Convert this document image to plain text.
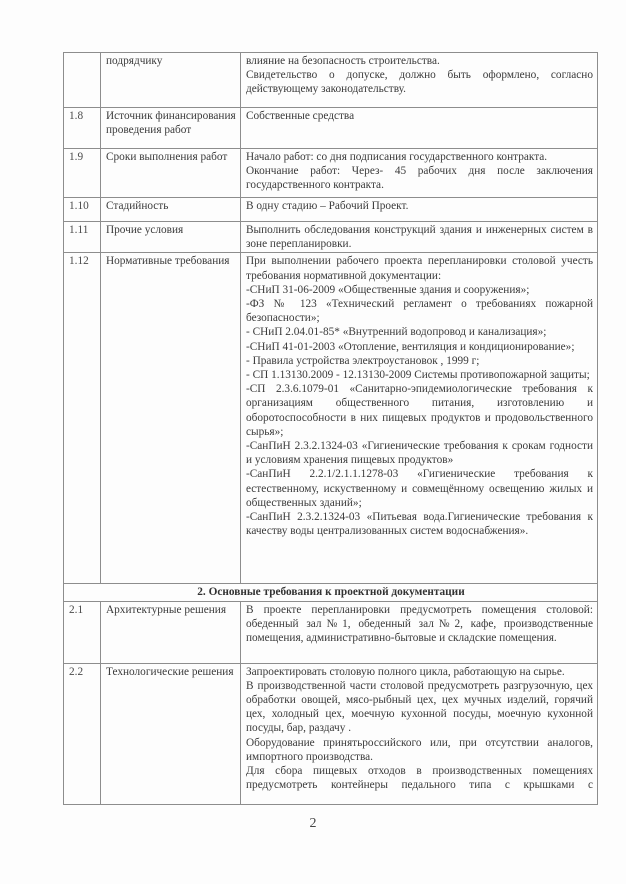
	подрядчику	влияние на безопасность строительства.

Свидетельство о допуске, должно быть оформлено, согласно действующему законодательству.

1.8	Источник финансирования проведения работ	Собственные средства

1.9	Сроки выполнения работ	Начало работ: со дня подписания государственного контракта.

Окончание работ: Через- 45 рабочих дня после заключения государственного контракта.

1.10	Стадийность	В одну стадию – Рабочий Проект.

1.11	Прочие условия	Выполнить обследования конструкций здания и инженерных систем в зоне перепланировки.

1.12	Нормативные требования	При выполнении рабочего проекта перепланировки столовой учесть требования нормативной документации:

-СНиП 31-06-2009 «Общественные здания и сооружения»;

-ФЗ № 123 «Технический регламент о требованиях пожарной безопасности»;

- СНиП 2.04.01-85* «Внутренний водопровод и канализация»;

-СНиП 41-01-2003 «Отопление, вентиляция и кондиционирование»;

- Правила устройства электроустановок , 1999 г;

- СП 1.13130.2009 - 12.13130-2009 Системы противопожарной защиты;

-СП 2.3.6.1079-01 «Санитарно-эпидемиологические требования к организациям общественного питания, изготовлению и оборотоспособности в них пищевых продуктов и продовольственного сырья»;

-СанПиН 2.3.2.1324-03 «Гигиенические требования к срокам годности и условиям хранения пищевых продуктов»

-СанПиН 2.2.1/2.1.1.1278-03 «Гигиенические требования к естественному, искуственному и совмещённому освещению жилых и общественных зданий»;

-СанПиН 2.3.2.1324-03 «Питьевая вода.Гигиенические требования к качеству воды централизованных систем водоснабжения».

2. Основные требования к проектной документации		
2.1	Архитектурные решения	В проекте перепланировки предусмотреть помещения столовой: обеденный зал№1, обеденный зал№2, кафе, производственные помещения, административно-бытовые и складские помещения.

2.2	Технологические решения	Запроектировать столовую полного цикла, работающую на сырье.

В производственной части столовой предусмотреть разгрузочную, цех обработки овощей, мясо-рыбный цех, цех мучных изделий, горячий цех, холодный цех, моечную кухонной посуды, моечную кухонной посуды, бар, раздачу .

Оборудование принятьроссийского или, при отсутствии аналогов, импортного производства.

Для сбора пищевых отходов в производственных помещениях предусмотреть контейнеры педального типа с крышками с

2
